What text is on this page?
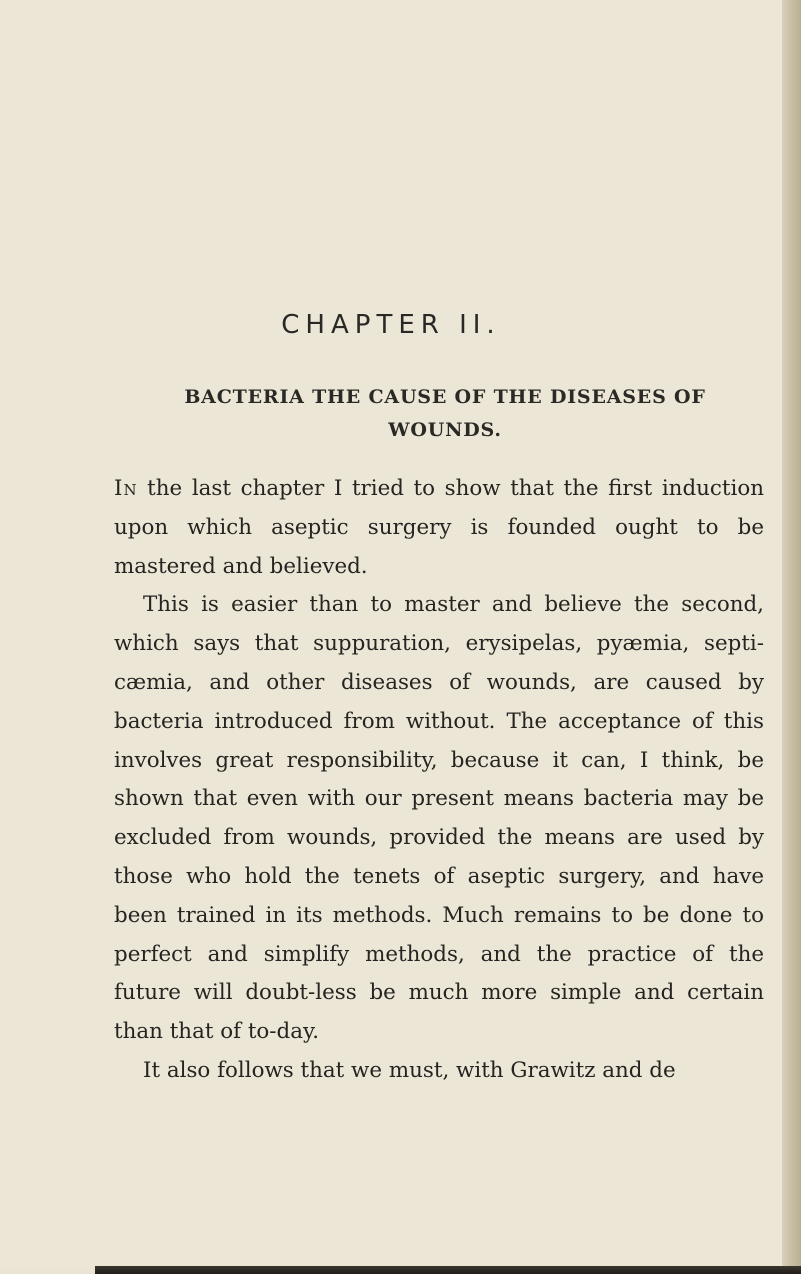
CHAPTER II.
BACTERIA THE CAUSE OF THE DISEASES OF WOUNDS.

In the last chapter I tried to show that the first induction upon which aseptic surgery is founded ought to be mastered and believed.

This is easier than to master and believe the second, which says that suppuration, erysipelas, pyæmia, septi-cæmia, and other diseases of wounds, are caused by bacteria introduced from without. The acceptance of this involves great responsibility, because it can, I think, be shown that even with our present means bacteria may be excluded from wounds, provided the means are used by those who hold the tenets of aseptic surgery, and have been trained in its methods. Much remains to be done to perfect and simplify methods, and the practice of the future will doubt-less be much more simple and certain than that of to-day.

It also follows that we must, with Grawitz and de
